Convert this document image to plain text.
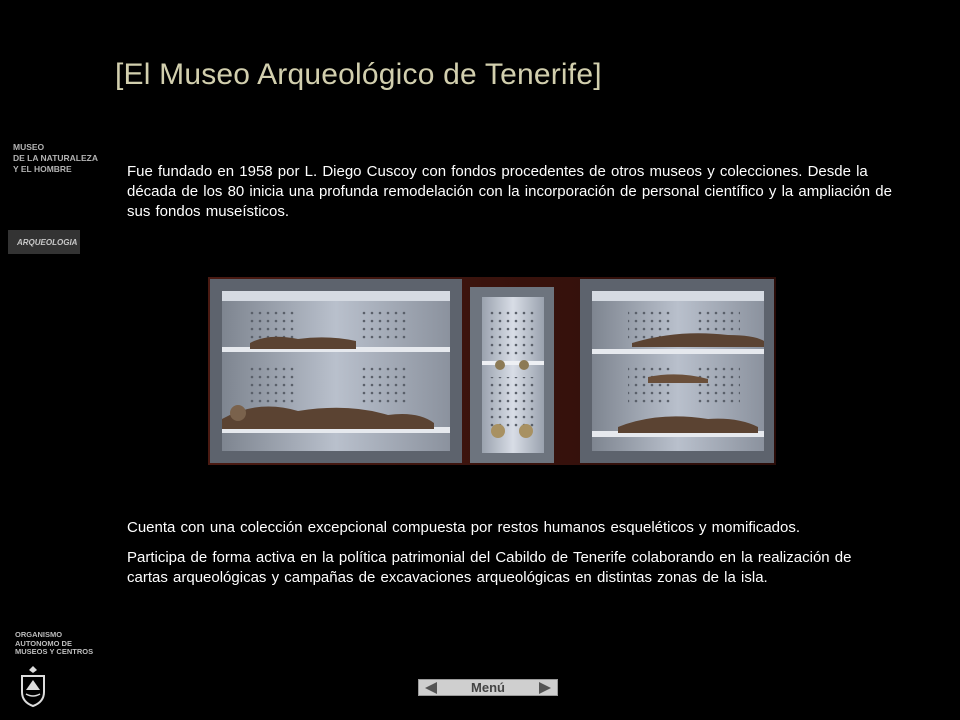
[El Museo Arqueológico de Tenerife]
MUSEO
DE LA NATURALEZA
Y EL HOMBRE
ARQUEOLOGIA

Fue fundado en 1958 por L. Diego Cuscoy con fondos procedentes de otros museos y colecciones. Desde la década de los 80 inicia una profunda remodelación con la incorporación de personal científico y la ampliación de sus fondos museísticos.

Cuenta con una colección excepcional compuesta por restos humanos esqueléticos y momificados.

Participa de forma activa en la política patrimonial del Cabildo de Tenerife colaborando en la realización de cartas arqueológicas y campañas de excavaciones arqueológicas en distintas zonas de la isla.

ORGANISMO
AUTONOMO DE
MUSEOS Y CENTROS
Menú
